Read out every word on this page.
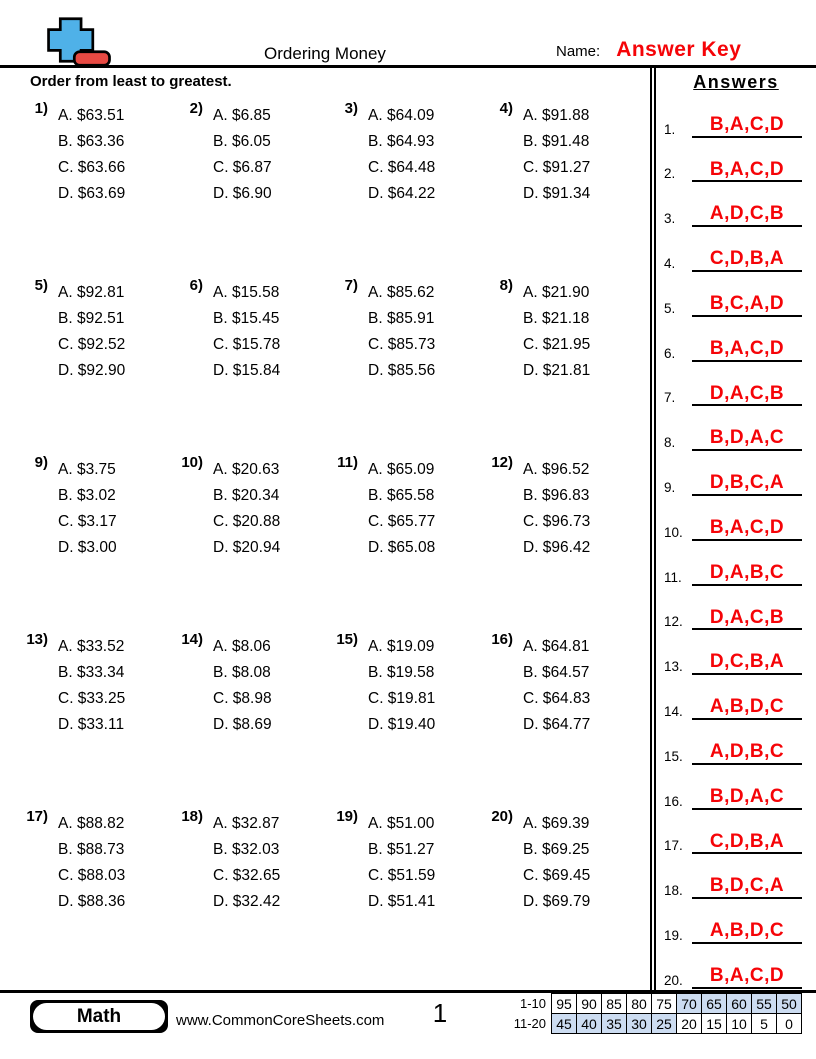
Ordering Money	Name: Answer Key
Order from least to greatest.
1) A. $63.51
B. $63.36
C. $63.66
D. $63.69
2) A. $6.85
B. $6.05
C. $6.87
D. $6.90
3) A. $64.09
B. $64.93
C. $64.48
D. $64.22
4) A. $91.88
B. $91.48
C. $91.27
D. $91.34
5) A. $92.81
B. $92.51
C. $92.52
D. $92.90
6) A. $15.58
B. $15.45
C. $15.78
D. $15.84
7) A. $85.62
B. $85.91
C. $85.73
D. $85.56
8) A. $21.90
B. $21.18
C. $21.95
D. $21.81
9) A. $3.75
B. $3.02
C. $3.17
D. $3.00
10) A. $20.63
B. $20.34
C. $20.88
D. $20.94
11) A. $65.09
B. $65.58
C. $65.77
D. $65.08
12) A. $96.52
B. $96.83
C. $96.73
D. $96.42
13) A. $33.52
B. $33.34
C. $33.25
D. $33.11
14) A. $8.06
B. $8.08
C. $8.98
D. $8.69
15) A. $19.09
B. $19.58
C. $19.81
D. $19.40
16) A. $64.81
B. $64.57
C. $64.83
D. $64.77
17) A. $88.82
B. $88.73
C. $88.03
D. $88.36
18) A. $32.87
B. $32.03
C. $32.65
D. $32.42
19) A. $51.00
B. $51.27
C. $51.59
D. $51.41
20) A. $69.39
B. $69.25
C. $69.45
D. $69.79
Answers
1.	B,A,C,D
2.	B,A,C,D
3.	A,D,C,B
4.	C,D,B,A
5.	B,C,A,D
6.	B,A,C,D
7.	D,A,C,B
8.	B,D,A,C
9.	D,B,C,A
10.	B,A,C,D
11.	D,A,B,C
12.	D,A,C,B
13.	D,C,B,A
14.	A,B,D,C
15.	A,D,B,C
16.	B,D,A,C
17.	C,D,B,A
18.	B,D,C,A
19.	A,B,D,C
20.	B,A,C,D
Math	www.CommonCoreSheets.com	1	1-10	95	90	85	80	75	70	65	60	55	50
11-20	45	40	35	30	25	20	15	10	5	0
